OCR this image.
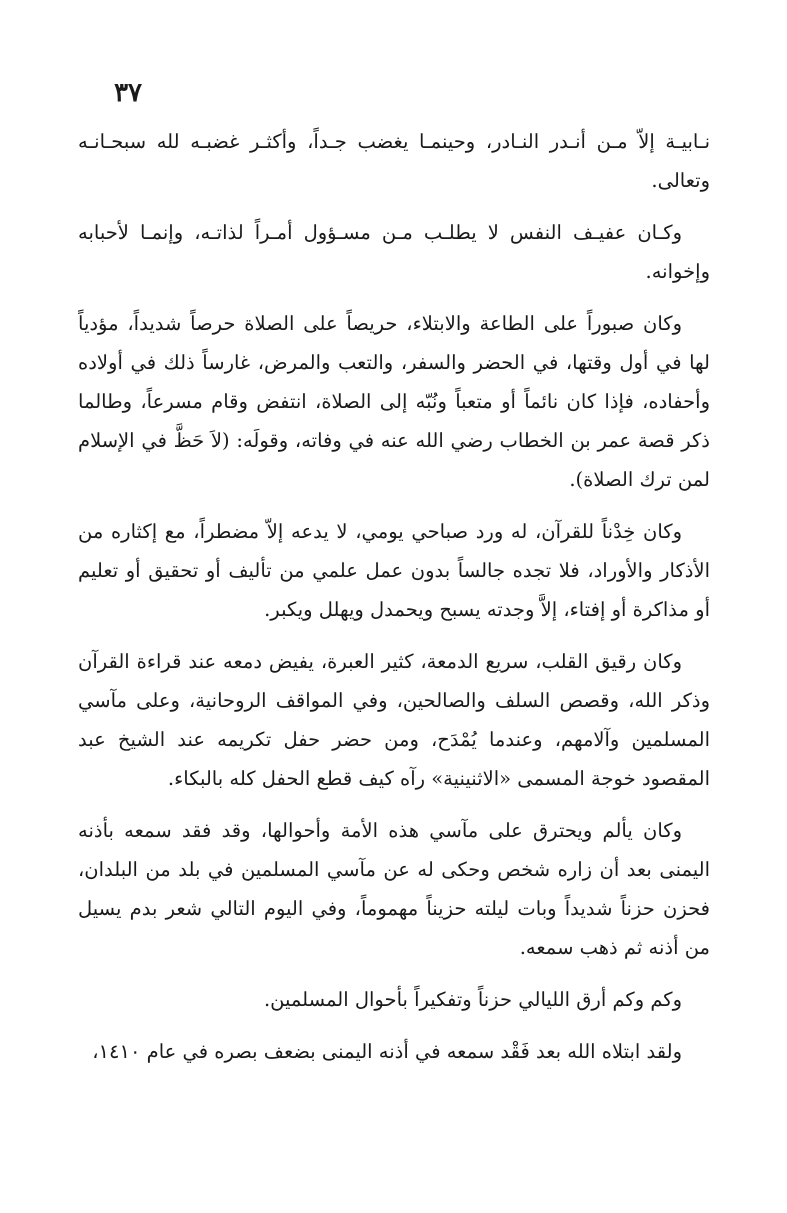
٣٧

نـابيـة إلاّ مـن أنـدر النـادر، وحينمـا يغضب جـداً، وأكثـر غضبـه لله سبحـانـه وتعالى.

وكـان عفيـف النفس لا يطلـب مـن مسـؤول أمـراً لذاتـه، وإنمـا لأحبابه وإخوانه.

وكان صبوراً على الطاعة والابتلاء، حريصاً على الصلاة حرصاً شديداً، مؤدياً لها في أول وقتها، في الحضر والسفر، والتعب والمرض، غارساً ذلك في أولاده وأحفاده، فإذا كان نائماً أو متعباً ونُبّه إلى الصلاة، انتفض وقام مسرعاً، وطالما ذكر قصة عمر بن الخطاب رضي الله عنه في وفاته، وقولَه: (لاَ حَظَّ في الإسلام لمن ترك الصلاة).

وكان خِدْناً للقرآن، له ورد صباحي يومي، لا يدعه إلاّ مضطراً، مع إكثاره من الأذكار والأوراد، فلا تجده جالساً بدون عمل علمي من تأليف أو تحقيق أو تعليم أو مذاكرة أو إفتاء، إلاَّ وجدته يسبح ويحمدل ويهلل ويكبر.

وكان رقيق القلب، سريع الدمعة، كثير العبرة، يفيض دمعه عند قراءة القرآن وذكر الله، وقصص السلف والصالحين، وفي المواقف الروحانية، وعلى مآسي المسلمين وآلامهم، وعندما يُمْدَح، ومن حضر حفل تكريمه عند الشيخ عبد المقصود خوجة المسمى «الاثنينية» رآه كيف قطع الحفل كله بالبكاء.

وكان يألم ويحترق على مآسي هذه الأمة وأحوالها، وقد فقد سمعه بأذنه اليمنى بعد أن زاره شخص وحكى له عن مآسي المسلمين في بلد من البلدان، فحزن حزناً شديداً وبات ليلته حزيناً مهموماً، وفي اليوم التالي شعر بدم يسيل من أذنه ثم ذهب سمعه.

وكم وكم أرق الليالي حزناً وتفكيراً بأحوال المسلمين.

ولقد ابتلاه الله بعد فَقْد سمعه في أذنه اليمنى بضعف بصره في عام ١٤١٠،
